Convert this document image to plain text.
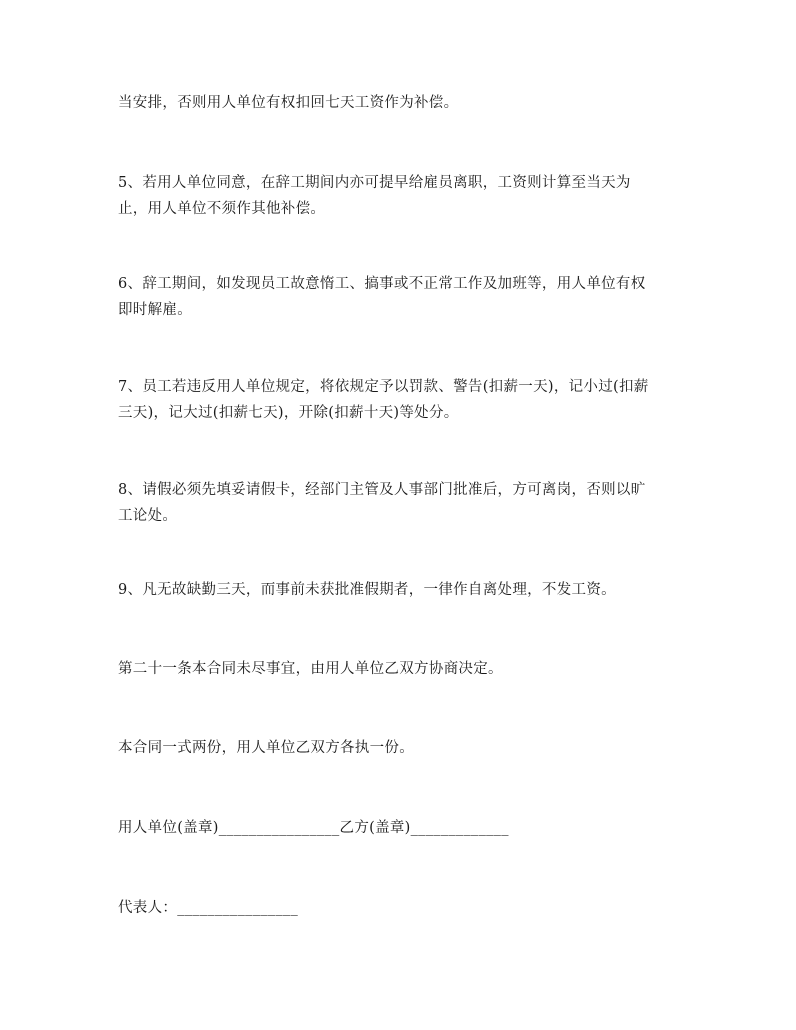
当安排，否则用人单位有权扣回七天工资作为补偿。

5、若用人单位同意，在辞工期间内亦可提早给雇员离职，工资则计算至当天为
止，用人单位不须作其他补偿。

6、辞工期间，如发现员工故意惰工、搞事或不正常工作及加班等，用人单位有权
即时解雇。

7、员工若违反用人单位规定，将依规定予以罚款、警告(扣薪一天)，记小过(扣薪
三天)，记大过(扣薪七天)，开除(扣薪十天)等处分。

8、请假必须先填妥请假卡，经部门主管及人事部门批准后，方可离岗，否则以旷
工论处。

9、凡无故缺勤三天，而事前未获批准假期者，一律作自离处理，不发工资。

第二十一条本合同未尽事宜，由用人单位乙双方协商决定。

本合同一式两份，用人单位乙双方各执一份。

用人单位(盖章)________________乙方(盖章)_____________

代表人：________________
